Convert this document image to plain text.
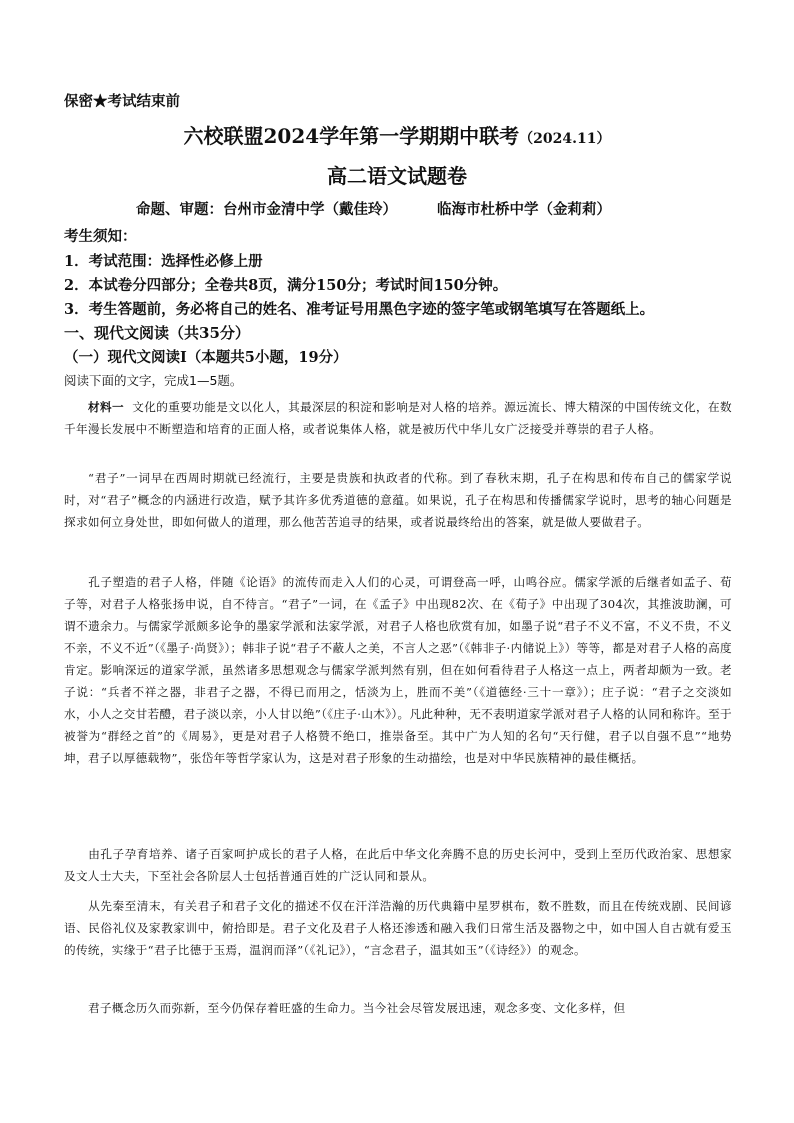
保密★考试结束前
六校联盟2024学年第一学期期中联考（2024.11）
高二语文试题卷
命题、审题：台州市金清中学（戴佳玲）	临海市杜桥中学（金莉莉）
考生须知：
1．考试范围：选择性必修上册
2．本试卷分四部分；全卷共8页，满分150分；考试时间150分钟。
3．考生答题前，务必将自己的姓名、准考证号用黑色字迹的签字笔或钢笔填写在答题纸上。
一、现代文阅读（共35分）
（一）现代文阅读Ⅰ（本题共5小题，19分）
阅读下面的文字，完成1—5题。
材料一 文化的重要功能是文以化人，其最深层的积淀和影响是对人格的培养。源远流长、博大精深的中国传统文化，在数千年漫长发展中不断塑造和培育的正面人格，或者说集体人格，就是被历代中华儿女广泛接受并尊崇的君子人格。
“君子”一词早在西周时期就已经流行，主要是贵族和执政者的代称。到了春秋末期，孔子在构思和传布自己的儒家学说时，对“君子”概念的内涵进行改造，赋予其许多优秀道德的意蕴。如果说，孔子在构思和传播儒家学说时，思考的轴心问题是探求如何立身处世，即如何做人的道理，那么他苦苦追寻的结果，或者说最终给出的答案，就是做人要做君子。
孔子塑造的君子人格，伴随《论语》的流传而走入人们的心灵，可谓登高一呼，山鸣谷应。儒家学派的后继者如孟子、荀子等，对君子人格张扬申说，自不待言。“君子”一词，在《孟子》中出现82次、在《荀子》中出现了304次，其推波助澜，可谓不遗余力。与儒家学派颇多论争的墨家学派和法家学派，对君子人格也欣赏有加，如墨子说“君子不义不富，不义不贵，不义不亲，不义不近”（《墨子·尚贤》）；韩非子说“君子不蔽人之美，不言人之恶”（《韩非子·内储说上》）等等，都是对君子人格的高度肯定。影响深远的道家学派，虽然诸多思想观念与儒家学派判然有别，但在如何看待君子人格这一点上，两者却颇为一致。老子说：“兵者不祥之器，非君子之器，不得已而用之，恬淡为上，胜而不美”（《道德经·三十一章》）；庄子说：“君子之交淡如水，小人之交甘若醴，君子淡以亲，小人甘以绝”（《庄子·山木》）。凡此种种，无不表明道家学派对君子人格的认同和称许。至于被誉为“群经之首”的《周易》，更是对君子人格赞不绝口，推崇备至。其中广为人知的名句“天行健，君子以自强不息”“地势坤，君子以厚德载物”，张岱年等哲学家认为，这是对君子形象的生动描绘，也是对中华民族精神的最佳概括。
由孔子孕育培养、诸子百家呵护成长的君子人格，在此后中华文化奔腾不息的历史长河中，受到上至历代政治家、思想家及文人士大夫，下至社会各阶层人士包括普通百姓的广泛认同和景从。
从先秦至清末，有关君子和君子文化的描述不仅在汗洋浩瀚的历代典籍中星罗棋布，数不胜数，而且在传统戏剧、民间谚语、民俗礼仪及家教家训中，俯拾即是。君子文化及君子人格还渗透和融入我们日常生活及器物之中，如中国人自古就有爱玉的传统，实缘于“君子比德于玉焉，温润而泽”（《礼记》），“言念君子，温其如玉”（《诗经》）的观念。
君子概念历久而弥新，至今仍保存着旺盛的生命力。当今社会尽管发展迅速，观念多变、文化多样，但
